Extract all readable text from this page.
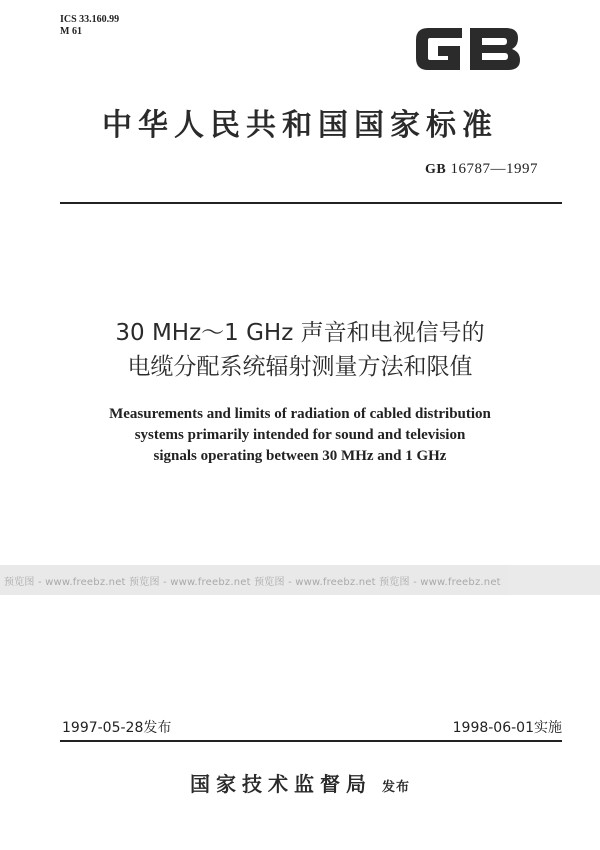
ICS 33.160.99
M 61
中华人民共和国国家标准
GB 16787—1997
30 MHz～1 GHz 声音和电视信号的
电缆分配系统辐射测量方法和限值
Measurements and limits of radiation of cabled distribution
systems primarily intended for sound and television
signals operating between 30 MHz and 1 GHz
预览图 - www.freebz.net 预览图 - www.freebz.net 预览图 - www.freebz.net 预览图 - www.freebz.net
1997-05-28发布	1998-06-01实施
国家技术监督局 发布
